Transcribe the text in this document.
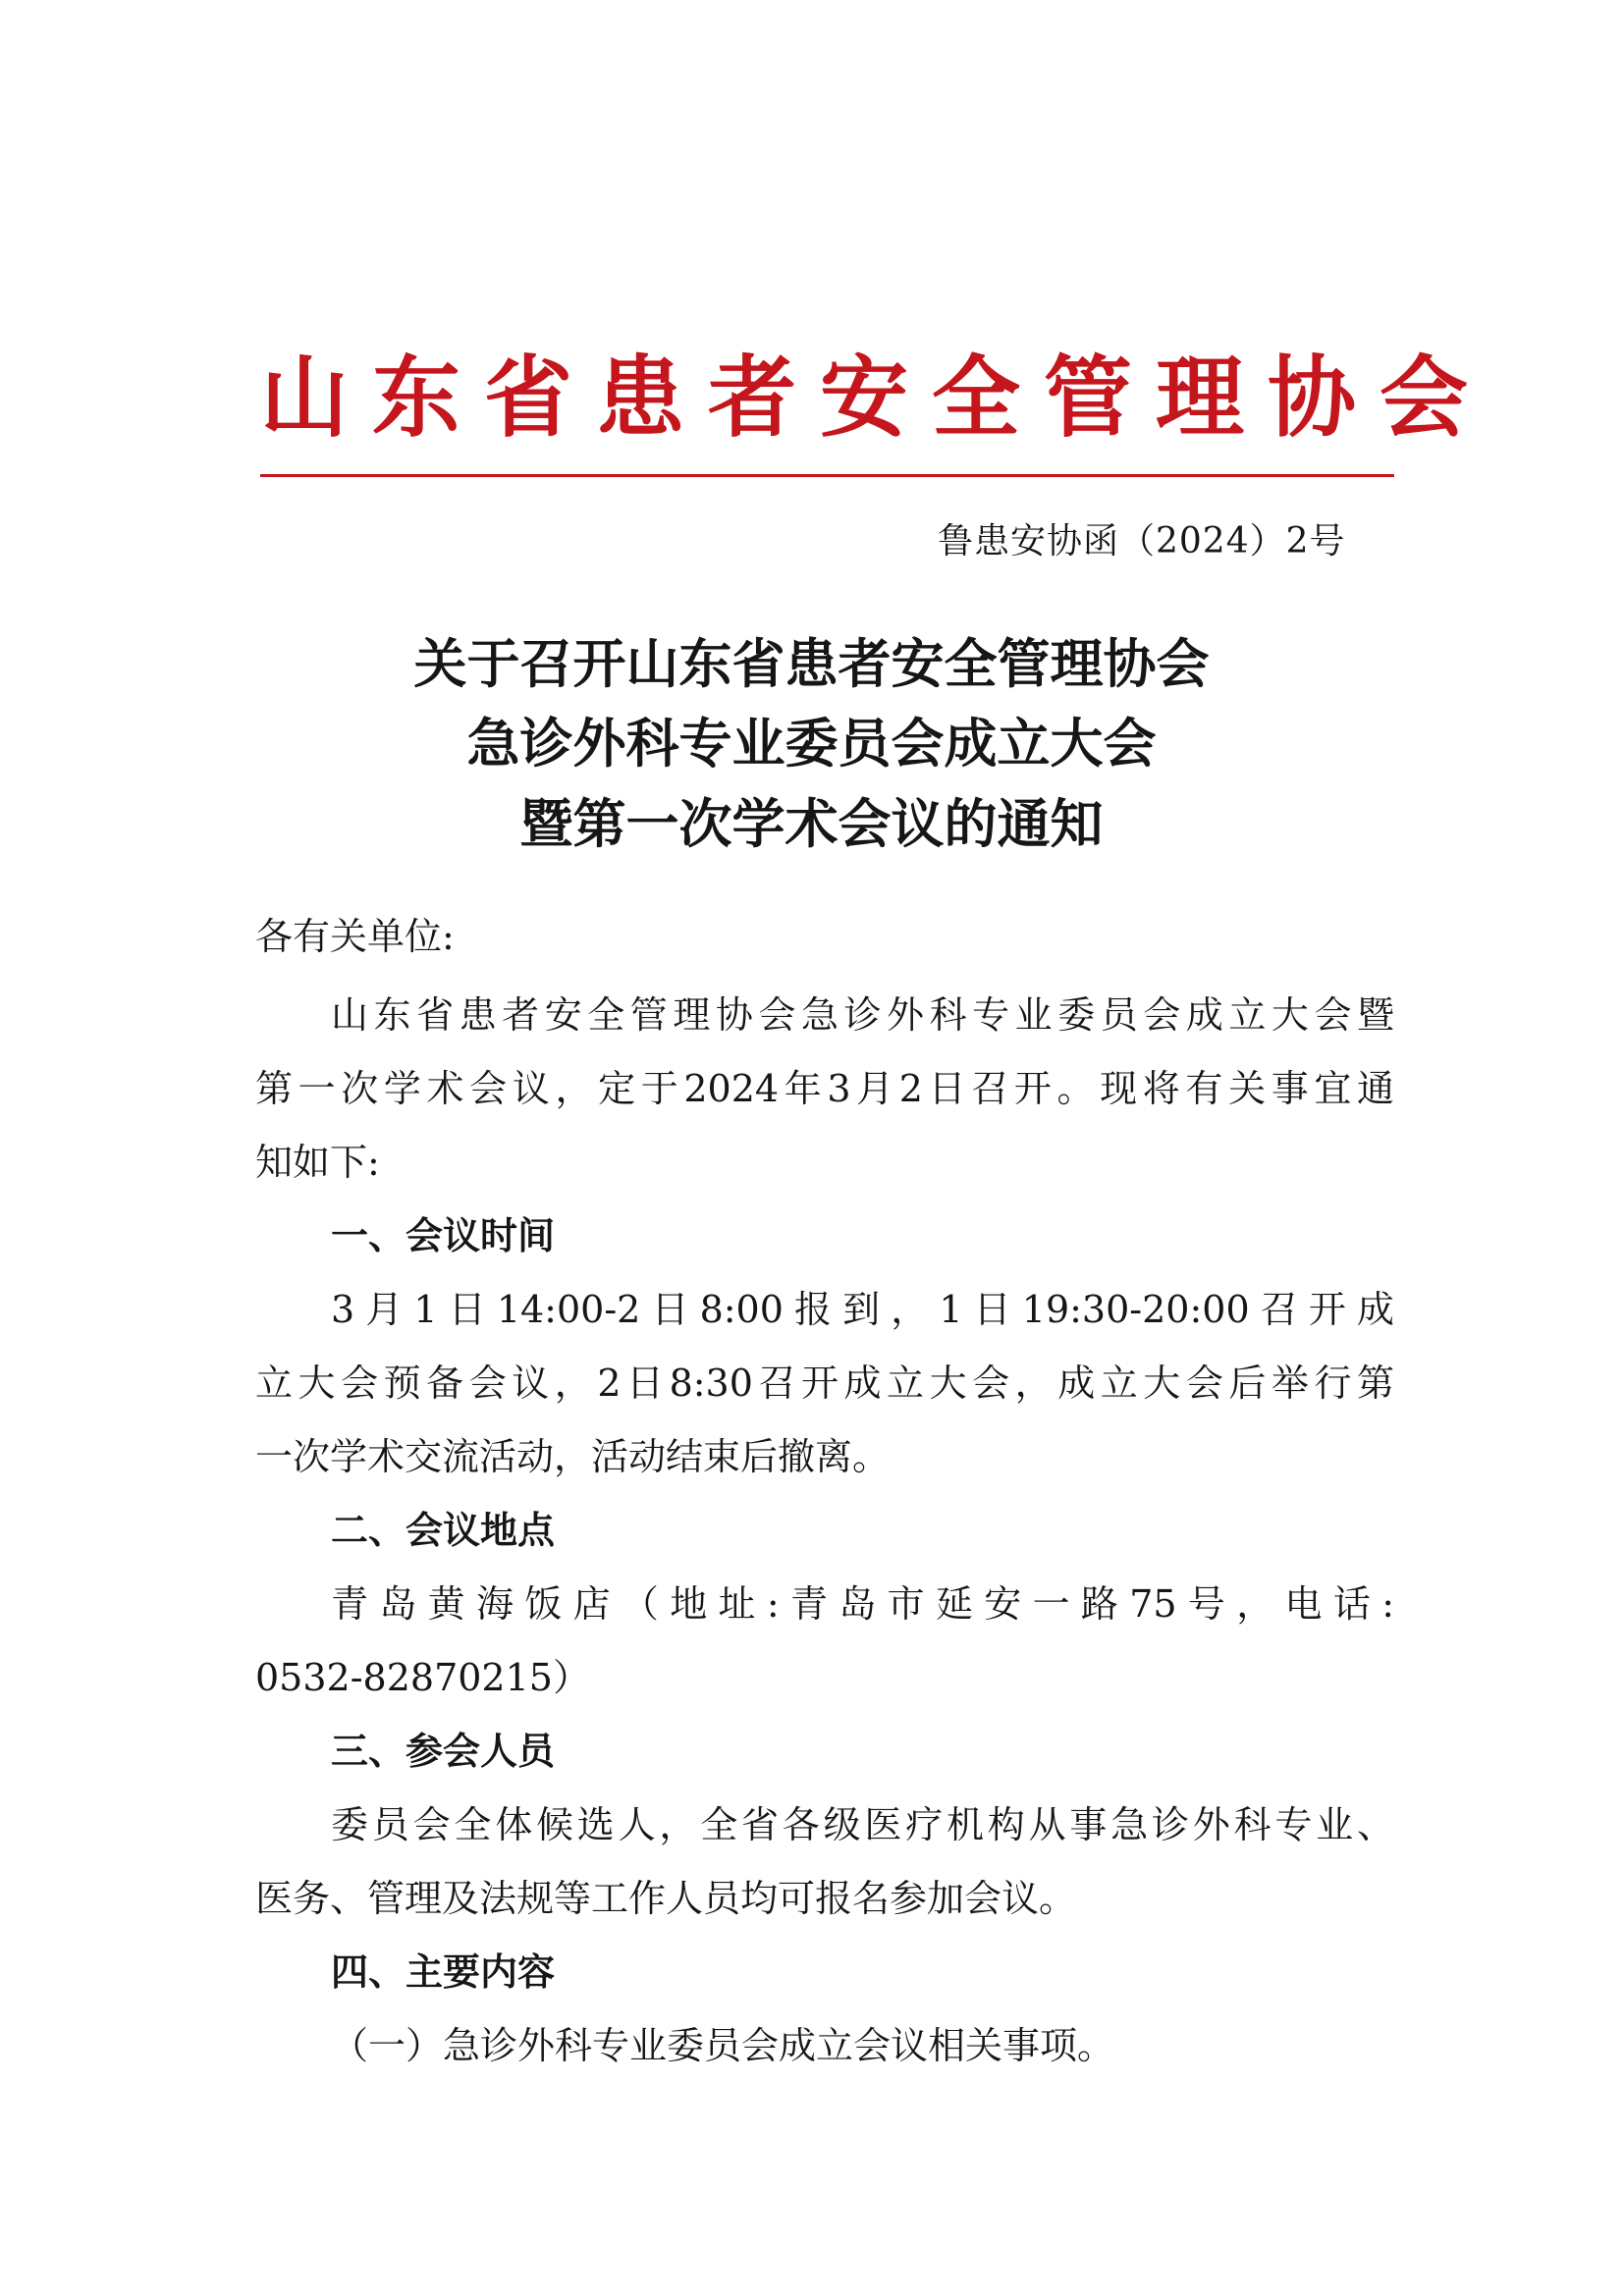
山东省患者安全管理协会
鲁患安协函（2024）2号
关于召开山东省患者安全管理协会
急诊外科专业委员会成立大会
暨第一次学术会议的通知
各有关单位:
山东省患者安全管理协会急诊外科专业委员会成立大会暨
第一次学术会议，定于2024年3月2日召开。现将有关事宜通
知如下:
一、会议时间
3月1日14:00-2日8:00报到，1日19:30-20:00召开成
立大会预备会议，2日8:30召开成立大会，成立大会后举行第
一次学术交流活动，活动结束后撤离。
二、会议地点
青岛黄海饭店（地址:青岛市延安一路75号，电话:
0532-82870215）
三、参会人员
委员会全体候选人，全省各级医疗机构从事急诊外科专业、
医务、管理及法规等工作人员均可报名参加会议。
四、主要内容
（一）急诊外科专业委员会成立会议相关事项。
